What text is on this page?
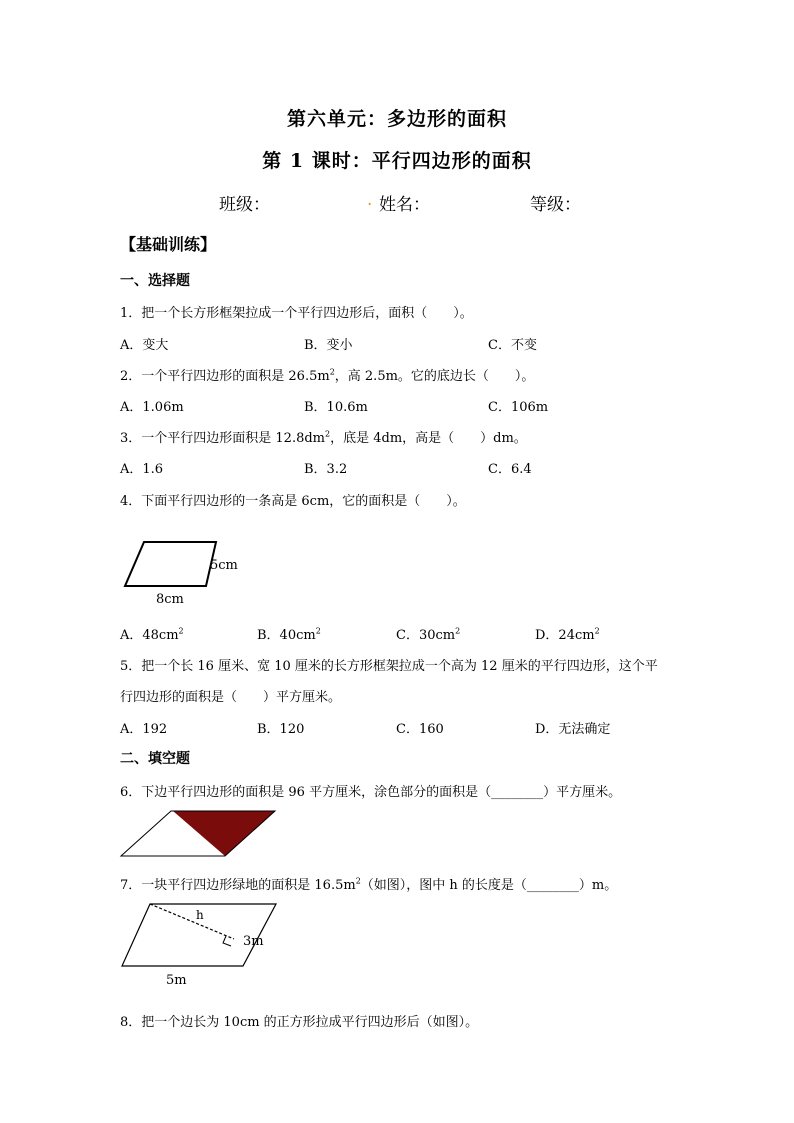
第六单元：多边形的面积
第 1 课时：平行四边形的面积
班级：	. 姓名：	等级：
【基础训练】
一、选择题
1．把一个长方形框架拉成一个平行四边形后，面积（　　）。
A．变大	B．变小	C．不变
2．一个平行四边形的面积是 $26.5m^2$，高 2.5m。它的底边长（　　）。
A．1.06m	B．10.6m	C．106m
3．一个平行四边形面积是 $12.8dm^2$，底是 4dm，高是（　　）dm。
A．1.6	B．3.2	C．6.4
4．下面平行四边形的一条高是 6cm，它的面积是（　　）。
5cm
8cm
A．$48cm^2$	B．$40cm^2$	C．$30cm^2$	D．$24cm^2$
5．把一个长 16 厘米、宽 10 厘米的长方形框架拉成一个高为 12 厘米的平行四边形，这个平
行四边形的面积是（　　）平方厘米。
A．192	B．120	C．160	D．无法确定
二、填空题
6．下边平行四边形的面积是 96 平方厘米，涂色部分的面积是（________）平方厘米。
7．一块平行四边形绿地的面积是 $16.5m^2$（如图），图中 h 的长度是（________）m。
h
3m
5m
8．把一个边长为 10cm 的正方形拉成平行四边形后（如图）。
